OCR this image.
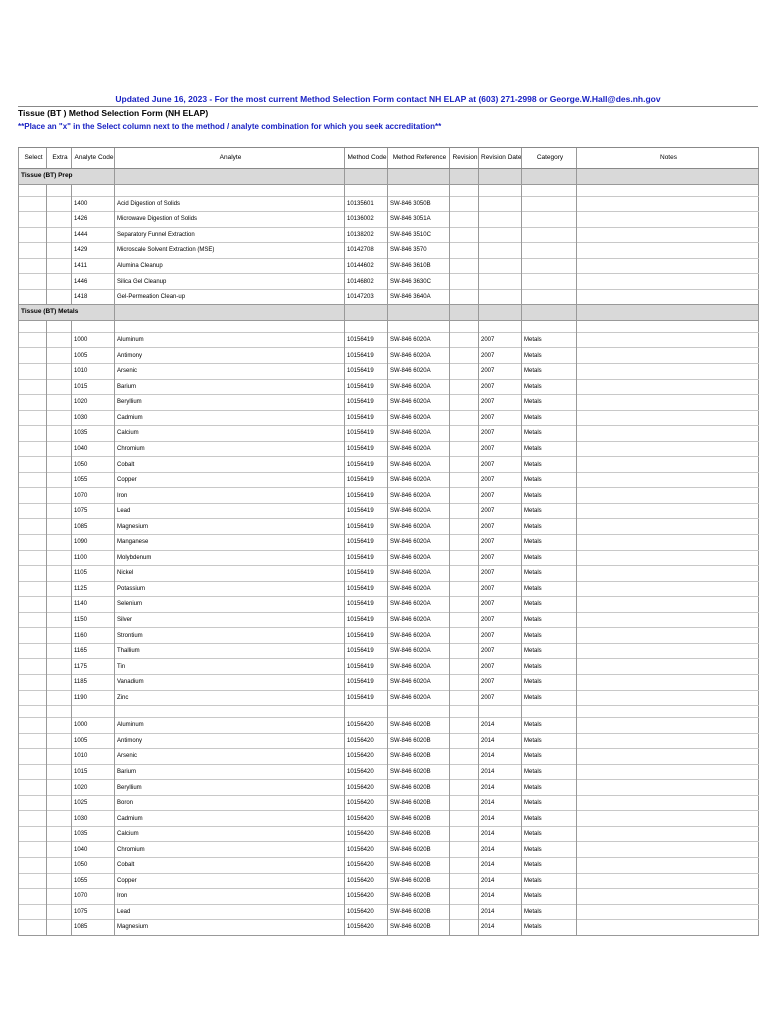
Updated June 16, 2023 - For the most current Method Selection Form contact NH ELAP at (603) 271-2998 or George.W.Hall@des.nh.gov
Tissue (BT ) Method Selection Form (NH ELAP)
**Place an "x" in the Select column next to the method / analyte combination for which you seek accreditation**
Select	Extra	Analyte Code	Analyte	Method Code	Method Reference	Revision	Revision Date	Category	Notes
Tissue (BT) Prep									

		1400	Acid Digestion of Solids	10135601	SW-846 3050B				
		1426	Microwave Digestion of Solids	10136002	SW-846 3051A				
		1444	Separatory Funnel Extraction	10138202	SW-846 3510C				
		1429	Microscale Solvent Extraction (MSE)	10142708	SW-846 3570				
		1411	Alumina Cleanup	10144602	SW-846 3610B				
		1446	Silica Gel Cleanup	10146802	SW-846 3630C				
		1418	Gel-Permeation Clean-up	10147203	SW-846 3640A				
Tissue (BT) Metals									

		1000	Aluminum	10156419	SW-846 6020A		2007	Metals	
		1005	Antimony	10156419	SW-846 6020A		2007	Metals	
		1010	Arsenic	10156419	SW-846 6020A		2007	Metals	
		1015	Barium	10156419	SW-846 6020A		2007	Metals	
		1020	Beryllium	10156419	SW-846 6020A		2007	Metals	
		1030	Cadmium	10156419	SW-846 6020A		2007	Metals	
		1035	Calcium	10156419	SW-846 6020A		2007	Metals	
		1040	Chromium	10156419	SW-846 6020A		2007	Metals	
		1050	Cobalt	10156419	SW-846 6020A		2007	Metals	
		1055	Copper	10156419	SW-846 6020A		2007	Metals	
		1070	Iron	10156419	SW-846 6020A		2007	Metals	
		1075	Lead	10156419	SW-846 6020A		2007	Metals	
		1085	Magnesium	10156419	SW-846 6020A		2007	Metals	
		1090	Manganese	10156419	SW-846 6020A		2007	Metals	
		1100	Molybdenum	10156419	SW-846 6020A		2007	Metals	
		1105	Nickel	10156419	SW-846 6020A		2007	Metals	
		1125	Potassium	10156419	SW-846 6020A		2007	Metals	
		1140	Selenium	10156419	SW-846 6020A		2007	Metals	
		1150	Silver	10156419	SW-846 6020A		2007	Metals	
		1160	Strontium	10156419	SW-846 6020A		2007	Metals	
		1165	Thallium	10156419	SW-846 6020A		2007	Metals	
		1175	Tin	10156419	SW-846 6020A		2007	Metals	
		1185	Vanadium	10156419	SW-846 6020A		2007	Metals	
		1190	Zinc	10156419	SW-846 6020A		2007	Metals	

		1000	Aluminum	10156420	SW-846 6020B		2014	Metals	
		1005	Antimony	10156420	SW-846 6020B		2014	Metals	
		1010	Arsenic	10156420	SW-846 6020B		2014	Metals	
		1015	Barium	10156420	SW-846 6020B		2014	Metals	
		1020	Beryllium	10156420	SW-846 6020B		2014	Metals	
		1025	Boron	10156420	SW-846 6020B		2014	Metals	
		1030	Cadmium	10156420	SW-846 6020B		2014	Metals	
		1035	Calcium	10156420	SW-846 6020B		2014	Metals	
		1040	Chromium	10156420	SW-846 6020B		2014	Metals	
		1050	Cobalt	10156420	SW-846 6020B		2014	Metals	
		1055	Copper	10156420	SW-846 6020B		2014	Metals	
		1070	Iron	10156420	SW-846 6020B		2014	Metals	
		1075	Lead	10156420	SW-846 6020B		2014	Metals	
		1085	Magnesium	10156420	SW-846 6020B		2014	Metals	
